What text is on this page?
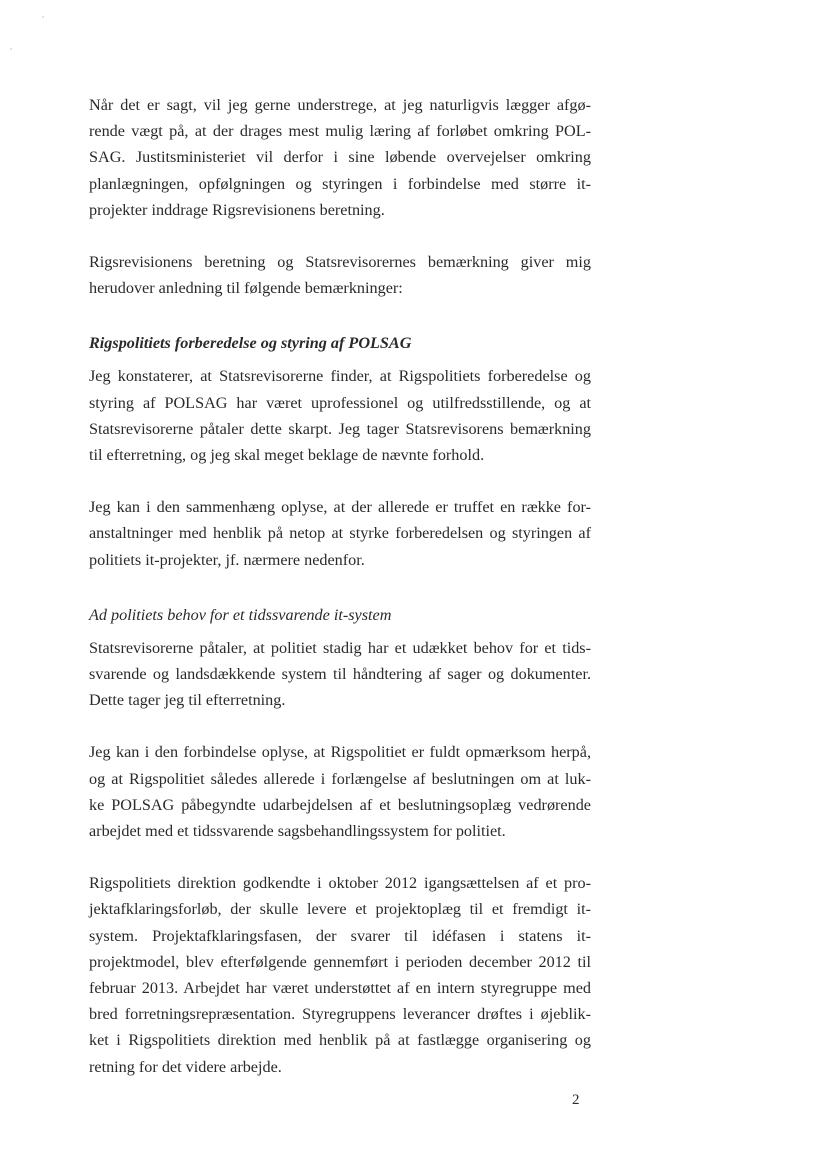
Når det er sagt, vil jeg gerne understrege, at jeg naturligvis lægger afgø-
rende vægt på, at der drages mest mulig læring af forløbet omkring POL-
SAG. Justitsministeriet vil derfor i sine løbende overvejelser omkring
planlægningen, opfølgningen og styringen i forbindelse med større it-
projekter inddrage Rigsrevisionens beretning.

Rigsrevisionens beretning og Statsrevisorernes bemærkning giver mig
herudover anledning til følgende bemærkninger:

Rigspolitiets forberedelse og styring af POLSAG

Jeg konstaterer, at Statsrevisorerne finder, at Rigspolitiets forberedelse og
styring af POLSAG har været uprofessionel og utilfredsstillende, og at
Statsrevisorerne påtaler dette skarpt. Jeg tager Statsrevisorens bemærkning
til efterretning, og jeg skal meget beklage de nævnte forhold.

Jeg kan i den sammenhæng oplyse, at der allerede er truffet en række for-
anstaltninger med henblik på netop at styrke forberedelsen og styringen af
politiets it-projekter, jf. nærmere nedenfor.

Ad politiets behov for et tidssvarende it-system

Statsrevisorerne påtaler, at politiet stadig har et udækket behov for et tids-
svarende og landsdækkende system til håndtering af sager og dokumenter.
Dette tager jeg til efterretning.

Jeg kan i den forbindelse oplyse, at Rigspolitiet er fuldt opmærksom herpå,
og at Rigspolitiet således allerede i forlængelse af beslutningen om at luk-
ke POLSAG påbegyndte udarbejdelsen af et beslutningsoplæg vedrørende
arbejdet med et tidssvarende sagsbehandlingssystem for politiet.

Rigspolitiets direktion godkendte i oktober 2012 igangsættelsen af et pro-
jektafklaringsforløb, der skulle levere et projektoplæg til et fremdigt it-
system. Projektafklaringsfasen, der svarer til idéfasen i statens it-
projektmodel, blev efterfølgende gennemført i perioden december 2012 til
februar 2013. Arbejdet har været understøttet af en intern styregruppe med
bred forretningsrepræsentation. Styregruppens leverancer drøftes i øjeblik-
ket i Rigspolitiets direktion med henblik på at fastlægge organisering og
retning for det videre arbejde.

2
